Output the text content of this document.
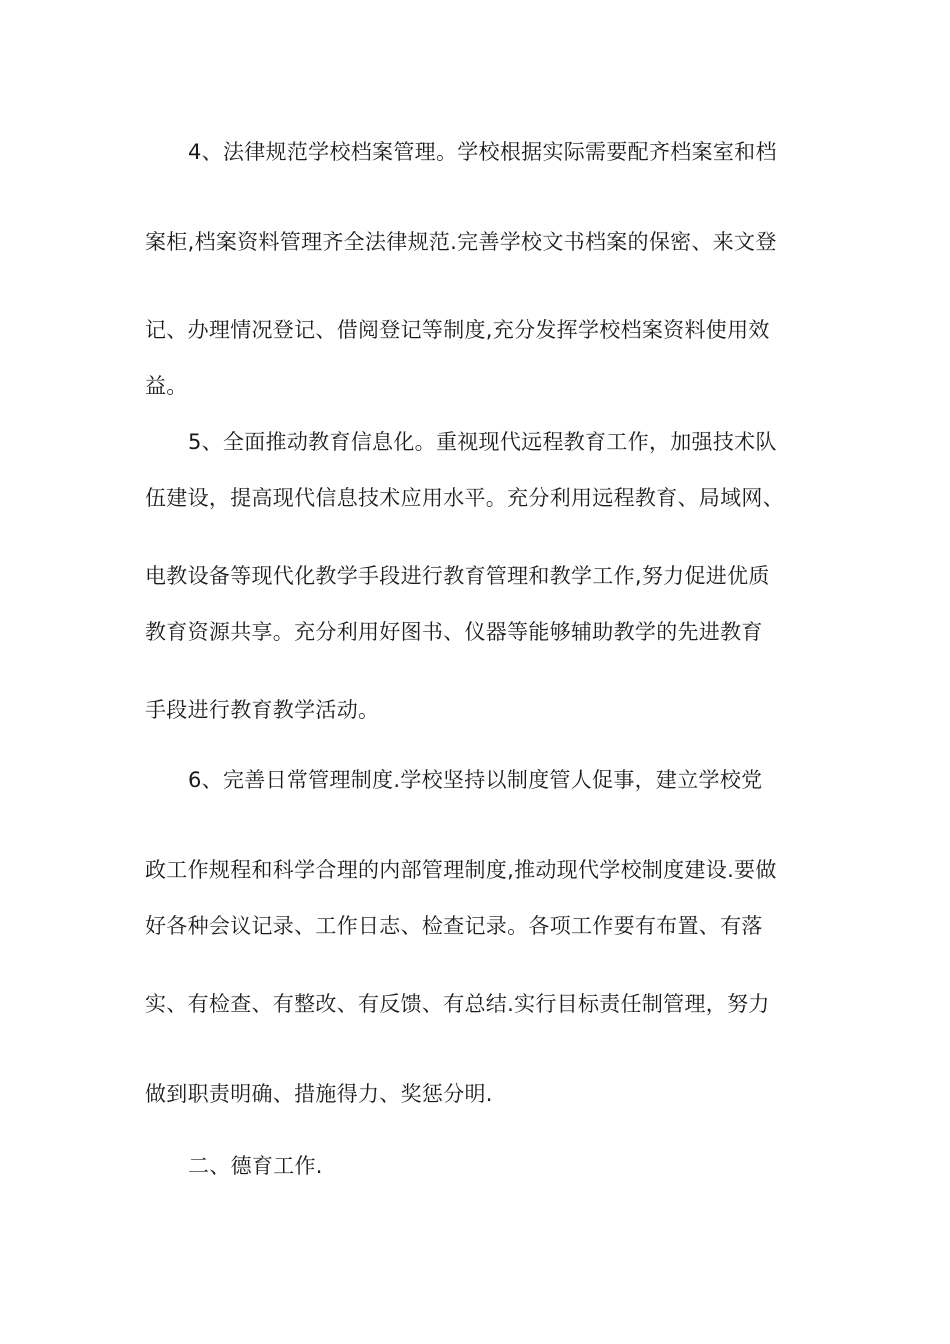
4、法律规范学校档案管理。学校根据实际需要配齐档案室和档
案柜,档案资料管理齐全法律规范.完善学校文书档案的保密、来文登
记、办理情况登记、借阅登记等制度,充分发挥学校档案资料使用效
益。
5、全面推动教育信息化。重视现代远程教育工作，加强技术队
伍建设，提高现代信息技术应用水平。充分利用远程教育、局域网、
电教设备等现代化教学手段进行教育管理和教学工作,努力促进优质
教育资源共享。充分利用好图书、仪器等能够辅助教学的先进教育
手段进行教育教学活动。
6、完善日常管理制度.学校坚持以制度管人促事，建立学校党
政工作规程和科学合理的内部管理制度,推动现代学校制度建设.要做
好各种会议记录、工作日志、检查记录。各项工作要有布置、有落
实、有检查、有整改、有反馈、有总结.实行目标责任制管理，努力
做到职责明确、措施得力、奖惩分明.
二、德育工作.
